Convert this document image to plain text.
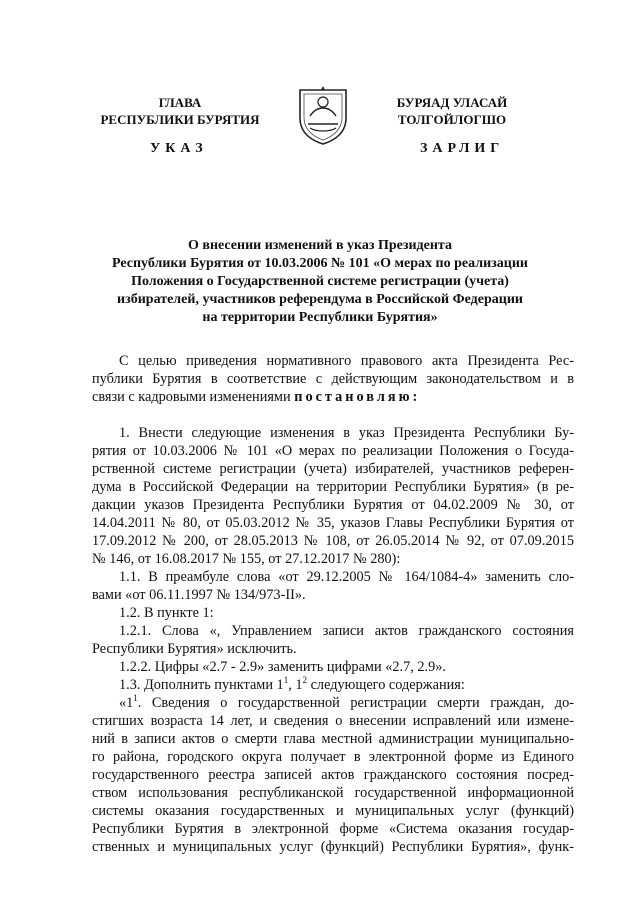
ГЛАВА
РЕСПУБЛИКИ БУРЯТИЯ
БУРЯАД УЛАСАЙ
ТОЛГОЙЛОГШО
УКАЗ	ЗАРЛИГ

О внесении изменений в указ Президента

Республики Бурятия от 10.03.2006 № 101 «О мерах по реализации

Положения о Государственной системе регистрации (учета)

избирателей, участников референдума в Российской Федерации

на территории Республики Бурятия»

С целью приведения нормативного правового акта Президента Рес-

публики Бурятия в соответствие с действующим законодательством и в

связи с кадровыми изменениями постановляю:

1. Внести следующие изменения в указ Президента Республики Бу-

рятия от 10.03.2006 № 101 «О мерах по реализации Положения о Госуда-

рственной системе регистрации (учета) избирателей, участников референ-

дума в Российской Федерации на территории Республики Бурятия» (в ре-

дакции указов Президента Республики Бурятия от 04.02.2009 № 30, от

14.04.2011 № 80, от 05.03.2012 № 35, указов Главы Республики Бурятия от

17.09.2012 № 200, от 28.05.2013 № 108, от 26.05.2014 № 92, от 07.09.2015

№ 146, от 16.08.2017 № 155, от 27.12.2017 № 280):

1.1. В преамбуле слова «от 29.12.2005 № 164/1084-4» заменить сло-

вами «от 06.11.1997 № 134/973-II».

1.2. В пункте 1:

1.2.1. Слова «, Управлением записи актов гражданского состояния

Республики Бурятия» исключить.

1.2.2. Цифры «2.7 - 2.9» заменить цифрами «2.7, 2.9».

1.3. Дополнить пунктами $1^1$, $1^2$ следующего содержания:

«$1^1$. Сведения о государственной регистрации смерти граждан, до-

стигших возраста 14 лет, и сведения о внесении исправлений или измене-

ний в записи актов о смерти глава местной администрации муниципально-

го района, городского округа получает в электронной форме из Единого

государственного реестра записей актов гражданского состояния посред-

ством использования республиканской государственной информационной

системы оказания государственных и муниципальных услуг (функций)

Республики Бурятия в электронной форме «Система оказания государ-

ственных и муниципальных услуг (функций) Республики Бурятия», функ-
